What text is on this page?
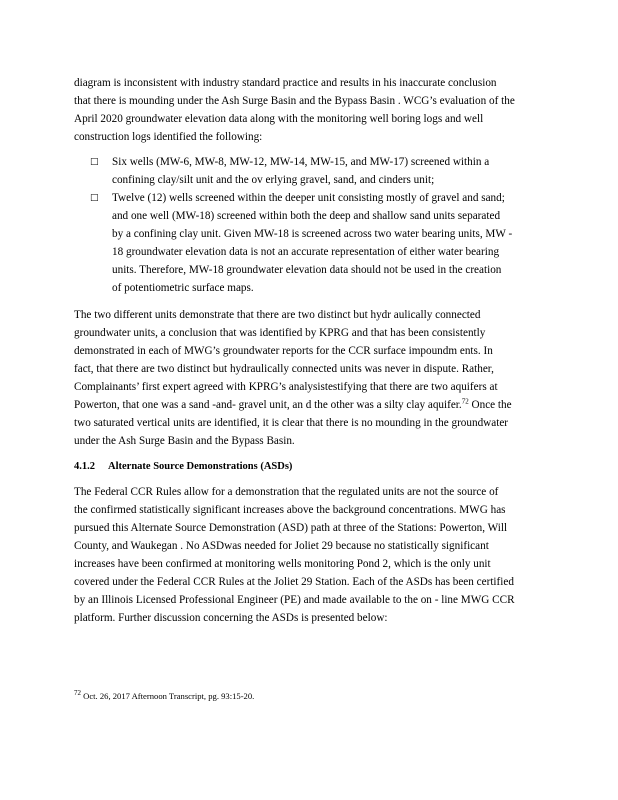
diagram is inconsistent with industry standard practice and results in his inaccurate conclusion
that there is mounding under the Ash Surge Basin and the Bypass Basin . WCG’s evaluation of the
April 2020 groundwater elevation data along with the monitoring well boring logs and well
construction logs identified the following:
□ Six wells (MW-6, MW-8, MW-12, MW-14, MW-15, and MW-17) screened within a
confining clay/silt unit and the ov erlying gravel, sand, and cinders unit;
□ Twelve (12) wells screened within the deeper unit consisting mostly of gravel and sand;
and one well (MW-18) screened within both the deep and shallow sand units separated
by a confining clay unit. Given MW-18 is screened across two water bearing units, MW -
18 groundwater elevation data is not an accurate representation of either water bearing
units. Therefore, MW-18 groundwater elevation data should not be used in the creation
of potentiometric surface maps.
The two different units demonstrate that there are two distinct but hydr aulically connected
groundwater units, a conclusion that was identified by KPRG and that has been consistently
demonstrated in each of MWG’s groundwater reports for the CCR surface impoundm ents. In
fact, that there are two distinct but hydraulically connected units was never in dispute. Rather,
Complainants’ first expert agreed with KPRG’s analysistestifying that there are two aquifers at
Powerton, that one was a sand -and- gravel unit, an d the other was a silty clay aquifer.$^{72}$ Once the
two saturated vertical units are identified, it is clear that there is no mounding in the groundwater
under the Ash Surge Basin and the Bypass Basin.
4.1.2 Alternate Source Demonstrations (ASDs)
The Federal CCR Rules allow for a demonstration that the regulated units are not the source of
the confirmed statistically significant increases above the background concentrations. MWG has
pursued this Alternate Source Demonstration (ASD) path at three of the Stations: Powerton, Will
County, and Waukegan . No ASDwas needed for Joliet 29 because no statistically significant
increases have been confirmed at monitoring wells monitoring Pond 2, which is the only unit
covered under the Federal CCR Rules at the Joliet 29 Station. Each of the ASDs has been certified
by an Illinois Licensed Professional Engineer (PE) and made available to the on - line MWG CCR
platform. Further discussion concerning the ASDs is presented below:
$^{72}$ Oct. 26, 2017 Afternoon Transcript, pg. 93:15-20.
